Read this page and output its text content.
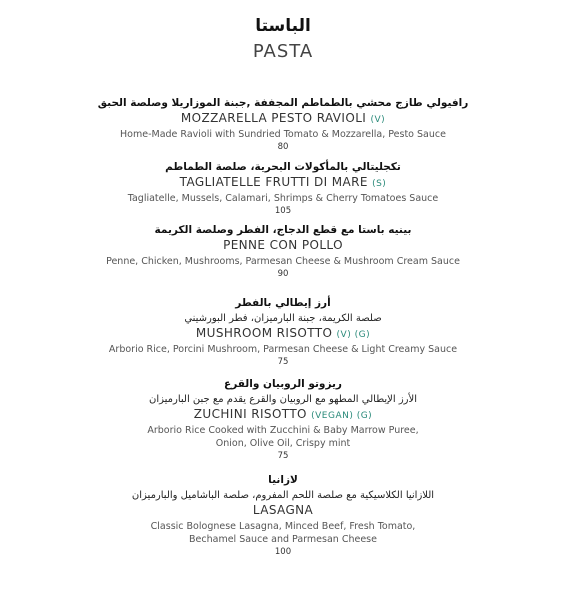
الباستا
PASTA
رافيولي طازج محشي بالطماطم المجففة ,جبنة الموزاريلا وصلصة الحبق
MOZZARELLA PESTO RAVIOLI (V)
Home-Made Ravioli with Sundried Tomato & Mozzarella, Pesto Sauce
80
تكجليتالي بالمأكولات البحرية، صلصة الطماطم
TAGLIATELLE FRUTTI DI MARE (S)
Tagliatelle, Mussels, Calamari, Shrimps & Cherry Tomatoes Sauce
105
بينيه باستا مع قطع الدجاج، الفطر وصلصة الكريمة
PENNE CON POLLO
Penne, Chicken, Mushrooms, Parmesan Cheese & Mushroom Cream Sauce
90
أرز إيطالي بالفطر
صلصة الكريمة، جبنة البارميزان، فطر البورشيني
MUSHROOM RISOTTO (V) (G)
Arborio Rice, Porcini Mushroom, Parmesan Cheese & Light Creamy Sauce
75
ريزوتو الروبيان والقرع
الأرز الإيطالي المطهو مع الروبيان والقرع يقدم مع جبن البارميزان
ZUCHINI RISOTTO (VEGAN) (G)
Arborio Rice Cooked with Zucchini & Baby Marrow Puree,
Onion, Olive Oil, Crispy mint
75
لازانيا
اللازانيا الكلاسيكية مع صلصة اللحم المفروم، صلصة الباشاميل والبارميزان
LASAGNA
Classic Bolognese Lasagna, Minced Beef, Fresh Tomato,
Bechamel Sauce and Parmesan Cheese
100
